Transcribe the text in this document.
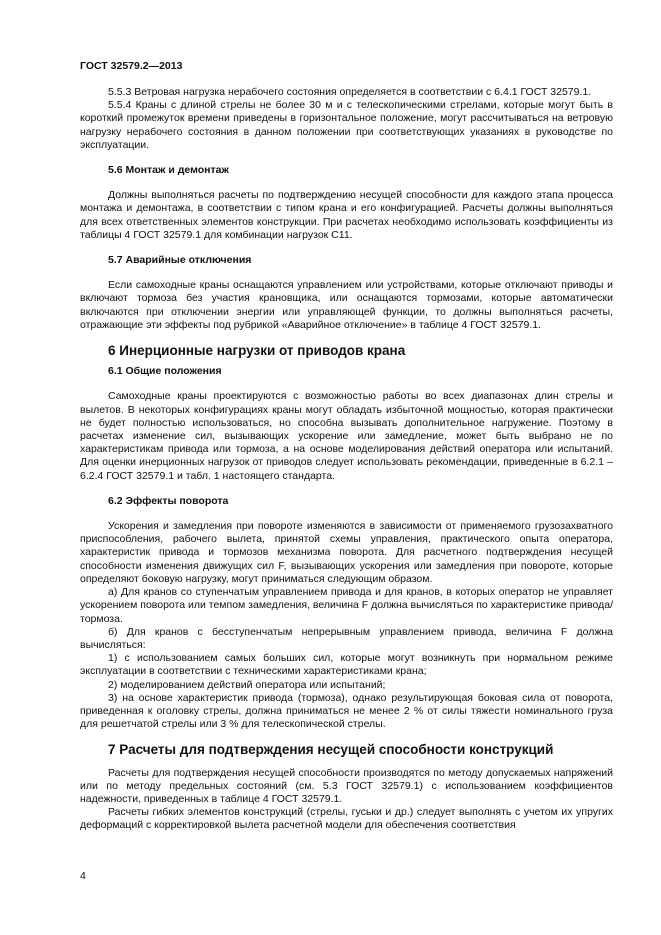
ГОСТ 32579.2—2013

5.5.3 Ветровая нагрузка нерабочего состояния определяется в соответствии с 6.4.1 ГОСТ 32579.1.

5.5.4 Краны с длиной стрелы не более 30 м и с телескопическими стрелами, которые могут быть в короткий промежуток времени приведены в горизонтальное положение, могут рассчитываться на ветровую нагрузку нерабочего состояния в данном положении при соответствующих указаниях в руководстве по эксплуатации.

5.6 Монтаж и демонтаж

Должны выполняться расчеты по подтверждению несущей способности для каждого этапа процесса монтажа и демонтажа, в соответствии с типом крана и его конфигурацией. Расчеты должны выполняться для всех ответственных элементов конструкции. При расчетах необходимо использовать коэффициенты из таблицы 4 ГОСТ 32579.1 для комбинации нагрузок С11.

5.7 Аварийные отключения

Если самоходные краны оснащаются управлением или устройствами, которые отключают приводы и включают тормоза без участия крановщика, или оснащаются тормозами, которые автоматически включаются при отключении энергии или управляющей функции, то должны выполняться расчеты, отражающие эти эффекты под рубрикой «Аварийное отключение» в таблице 4 ГОСТ 32579.1.

6 Инерционные нагрузки от приводов крана
6.1 Общие положения

Самоходные краны проектируются с возможностью работы во всех диапазонах длин стрелы и вылетов. В некоторых конфигурациях краны могут обладать избыточной мощностью, которая практически не будет полностью использоваться, но способна вызывать дополнительное нагружение. Поэтому в расчетах изменение сил, вызывающих ускорение или замедление, может быть выбрано не по характеристикам привода или тормоза, а на основе моделирования действий оператора или испытаний. Для оценки инерционных нагрузок от приводов следует использовать рекомендации, приведенные в 6.2.1 – 6.2.4 ГОСТ 32579.1 и табл. 1 настоящего стандарта.

6.2 Эффекты поворота

Ускорения и замедления при повороте изменяются в зависимости от применяемого грузозахватного приспособления, рабочего вылета, принятой схемы управления, практического опыта оператора, характеристик привода и тормозов механизма поворота. Для расчетного подтверждения несущей способности изменения движущих сил F, вызывающих ускорения или замедления при повороте, которые определяют боковую нагрузку, могут приниматься следующим образом.

а) Для кранов со ступенчатым управлением привода и для кранов, в которых оператор не управляет ускорением поворота или темпом замедления, величина F должна вычисляться по характеристике привода/тормоза.

б) Для кранов с бесступенчатым непрерывным управлением привода, величина F должна вычисляться:

1) с использованием самых больших сил, которые могут возникнуть при нормальном режиме эксплуатации в соответствии с техническими характеристиками крана;

2) моделированием действий оператора или испытаний;

3) на основе характеристик привода (тормоза), однако результирующая боковая сила от поворота, приведенная к оголовку стрелы, должна приниматься не менее 2 % от силы тяжести номинального груза для решетчатой стрелы или 3 % для телескопической стрелы.

7 Расчеты для подтверждения несущей способности конструкций

Расчеты для подтверждения несущей способности производятся по методу допускаемых напряжений или по методу предельных состояний (см. 5.3 ГОСТ 32579.1) с использованием коэффициентов надежности, приведенных в таблице 4 ГОСТ 32579.1.

Расчеты гибких элементов конструкций (стрелы, гуськи и др.) следует выполнять с учетом их упругих деформаций с корректировкой вылета расчетной модели для обеспечения соответствия

4
